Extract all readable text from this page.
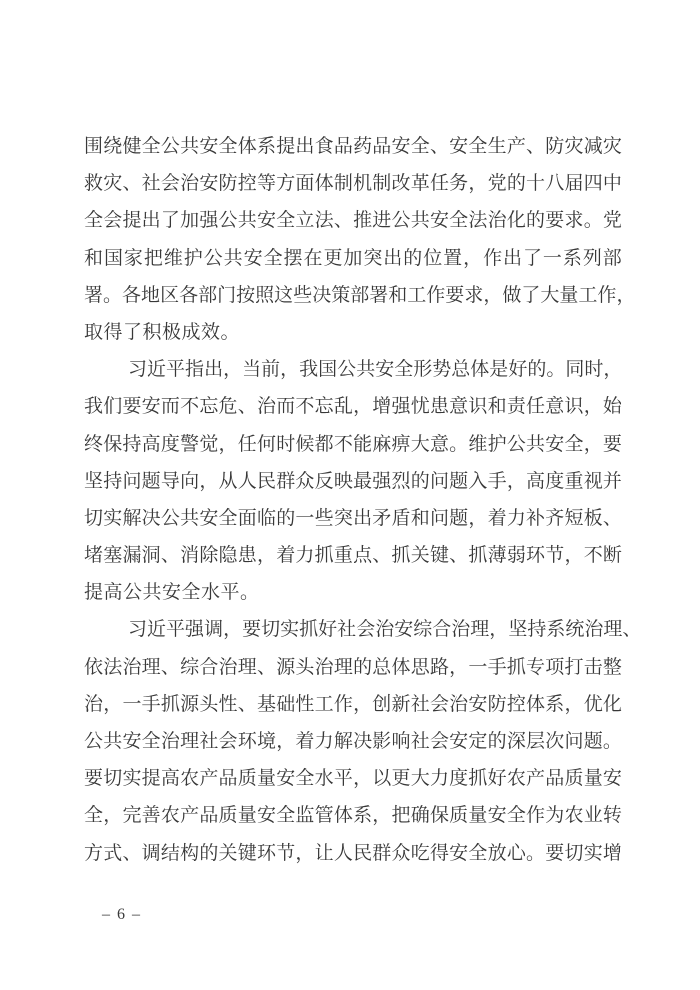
围 绕 健 全 公 共 安 全 体 系 提 出 食 品 药 品 安 全 、 安 全 生 产 、 防 灾 减 灾
救 灾 、 社 会 治 安 防 控 等 方 面 体 制 机 制 改 革 任 务 ， 党 的 十 八 届 四 中
全 会 提 出 了 加 强 公 共 安 全 立 法 、 推 进 公 共 安 全 法 治 化 的 要 求 。 党
和 国 家 把 维 护 公 共 安 全 摆 在 更 加 突 出 的 位 置 ， 作 出 了 一 系 列 部
署 。 各 地 区 各 部 门 按 照 这 些 决 策 部 署 和 工 作 要 求 ， 做 了 大 量 工 作 ，
取得了积极成效。
习 近 平 指 出 ， 当 前 ， 我 国 公 共 安 全 形 势 总 体 是 好 的 。 同 时 ，
我 们 要 安 而 不 忘 危 、 治 而 不 忘 乱 ， 增 强 忧 患 意 识 和 责 任 意 识 ， 始
终 保 持 高 度 警 觉 ， 任 何 时 候 都 不 能 麻 痹 大 意 。 维 护 公 共 安 全 ， 要
坚 持 问 题 导 向 ， 从 人 民 群 众 反 映 最 强 烈 的 问 题 入 手 ， 高 度 重 视 并
切 实 解 决 公 共 安 全 面 临 的 一 些 突 出 矛 盾 和 问 题 ， 着 力 补 齐 短 板 、
堵 塞 漏 洞 、 消 除 隐 患 ， 着 力 抓 重 点 、 抓 关 键 、 抓 薄 弱 环 节 ， 不 断
提高公共安全水平。
习 近 平 强 调 ， 要 切 实 抓 好 社 会 治 安 综 合 治 理 ， 坚 持 系 统 治 理 、
依 法 治 理 、 综 合 治 理 、 源 头 治 理 的 总 体 思 路 ， 一 手 抓 专 项 打 击 整
治 ， 一 手 抓 源 头 性 、 基 础 性 工 作 ， 创 新 社 会 治 安 防 控 体 系 ， 优 化
公 共 安 全 治 理 社 会 环 境 ， 着 力 解 决 影 响 社 会 安 定 的 深 层 次 问 题 。
要 切 实 提 高 农 产 品 质 量 安 全 水 平 ， 以 更 大 力 度 抓 好 农 产 品 质 量 安
全 ， 完 善 农 产 品 质 量 安 全 监 管 体 系 ， 把 确 保 质 量 安 全 作 为 农 业 转
方 式 、 调 结 构 的 关 键 环 节 ， 让 人 民 群 众 吃 得 安 全 放 心 。 要 切 实 增
– 6 –
